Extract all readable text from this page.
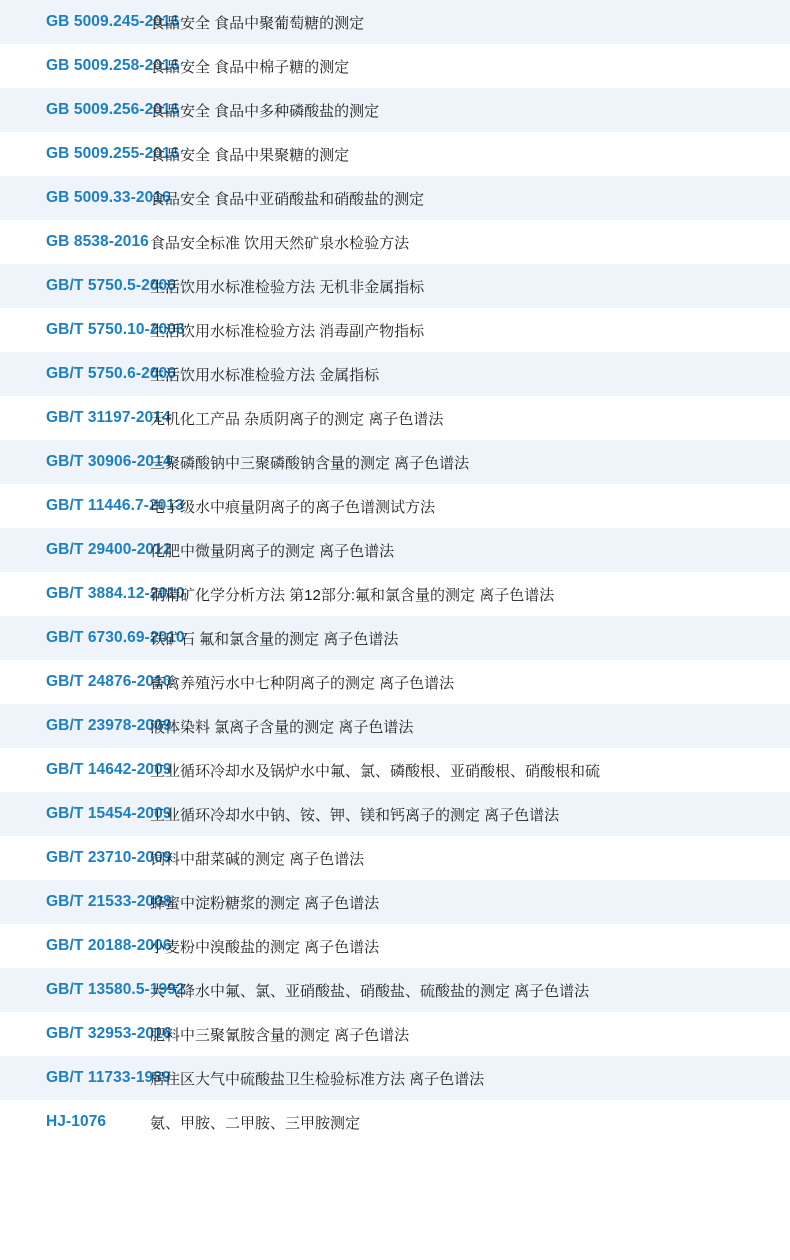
GB 5009.245-2016	食品安全 食品中聚葡萄糖的测定
GB 5009.258-2016	食品安全 食品中棉子糖的测定
GB 5009.256-2016	食品安全 食品中多种磷酸盐的测定
GB 5009.255-2016	食品安全 食品中果聚糖的测定
GB 5009.33-2016	食品安全 食品中亚硝酸盐和硝酸盐的测定
GB 8538-2016	食品安全标准 饮用天然矿泉水检验方法
GB/T 5750.5-2006	生活饮用水标准检验方法 无机非金属指标
GB/T 5750.10-2006	生活饮用水标准检验方法 消毒副产物指标
GB/T 5750.6-2006	生活饮用水标准检验方法 金属指标
GB/T 31197-2014	无机化工产品 杂质阴离子的测定 离子色谱法
GB/T 30906-2014	三聚磷酸钠中三聚磷酸钠含量的测定 离子色谱法
GB/T 11446.7-2013	电子级水中痕量阴离子的离子色谱测试方法
GB/T 29400-2012	化肥中微量阴离子的测定 离子色谱法
GB/T 3884.12-2010	铜精矿化学分析方法 第12部分:氟和氯含量的测定 离子色谱法
GB/T 6730.69-2010	铁矿石 氟和氯含量的测定 离子色谱法
GB/T 24876-2010	畜禽养殖污水中七种阴离子的测定 离子色谱法
GB/T 23978-2009	液体染料 氯离子含量的测定 离子色谱法
GB/T 14642-2009	工业循环冷却水及锅炉水中氟、氯、磷酸根、亚硝酸根、硝酸根和硫
GB/T 15454-2009	工业循环冷却水中钠、铵、钾、镁和钙离子的测定 离子色谱法
GB/T 23710-2009	饲料中甜菜碱的测定 离子色谱法
GB/T 21533-2008	蜂蜜中淀粉糖浆的测定 离子色谱法
GB/T 20188-2006	小麦粉中溴酸盐的测定 离子色谱法
GB/T 13580.5-1992	大气降水中氟、氯、亚硝酸盐、硝酸盐、硫酸盐的测定 离子色谱法
GB/T 32953-2016	肥料中三聚氰胺含量的测定 离子色谱法
GB/T 11733-1989	居住区大气中硫酸盐卫生检验标准方法 离子色谱法
HJ-1076	氨、甲胺、二甲胺、三甲胺测定
